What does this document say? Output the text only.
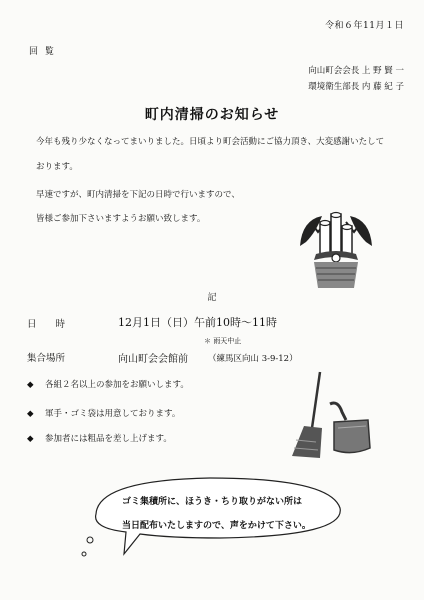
令和６年11月１日
回 覧
向山町会会長 上 野 賢 一
環境衛生部長 内 藤 紀 子
町内清掃のお知らせ
今年も残り少なくなってまいりました。日頃より町会活動にご協力頂き、大変感謝いたして
おります。
早速ですが、町内清掃を下記の日時で行いますので、
皆様ご参加下さいますようお願い致します。
記
日　　時	12月1日（日）午前10時～11時
＊ 雨天中止
集合場所	向山町会会館前 （練馬区向山 3-9-12）
◆ 各組２名以上の参加をお願いします。
◆ 軍手・ゴミ袋は用意しております。
◆ 参加者には粗品を差し上げます。
ゴミ集積所に、ほうき・ちり取りがない所は
当日配布いたしますので、声をかけて下さい。
